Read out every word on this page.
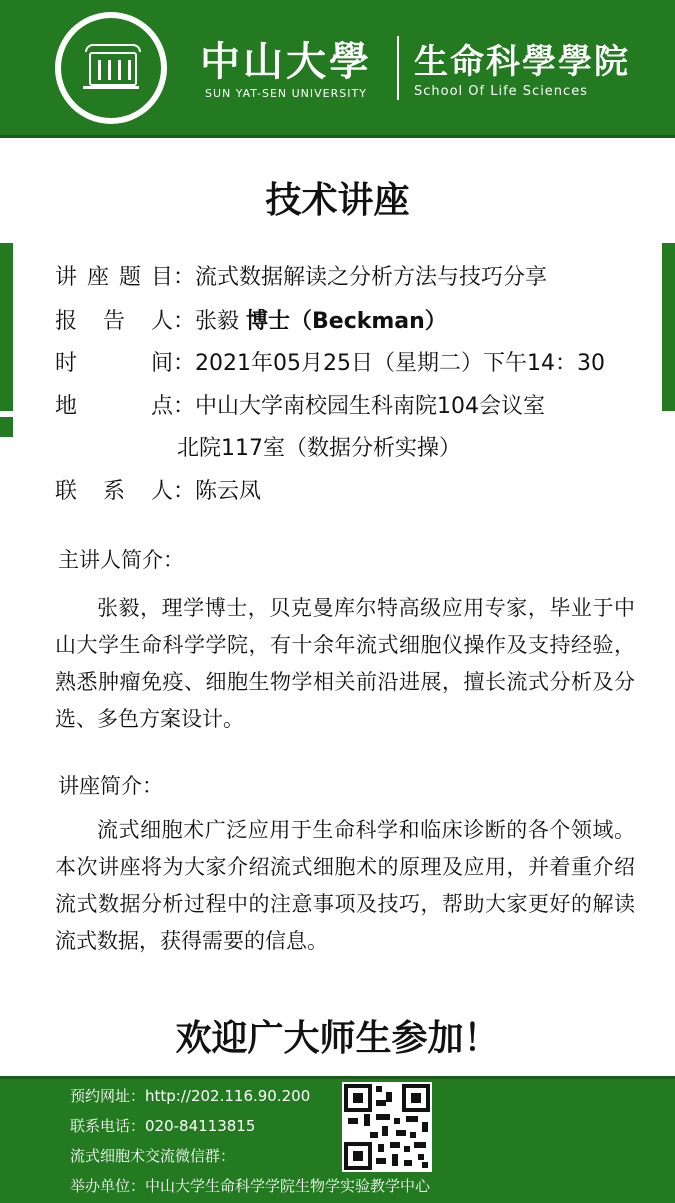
中山大學
SUN YAT-SEN UNIVERSITY
生命科學學院
School Of Life Sciences
技术讲座
讲座题目：流式数据解读之分析方法与技巧分享
报告人：张毅 博士（Beckman）
时间：2021年05月25日（星期二）下午14：30
地点：中山大学南校园生科南院104会议室
北院117室（数据分析实操）
联系人：陈云凤
主讲人简介：
张毅，理学博士，贝克曼库尔特高级应用专家，毕业于中山大学生命科学学院，有十余年流式细胞仪操作及支持经验，熟悉肿瘤免疫、细胞生物学相关前沿进展，擅长流式分析及分选、多色方案设计。
讲座简介：
流式细胞术广泛应用于生命科学和临床诊断的各个领域。本次讲座将为大家介绍流式细胞术的原理及应用，并着重介绍流式数据分析过程中的注意事项及技巧，帮助大家更好的解读流式数据，获得需要的信息。
欢迎广大师生参加！
预约网址：http://202.116.90.200
联系电话：020-84113815
流式细胞术交流微信群：
举办单位：中山大学生命科学学院生物学实验教学中心
